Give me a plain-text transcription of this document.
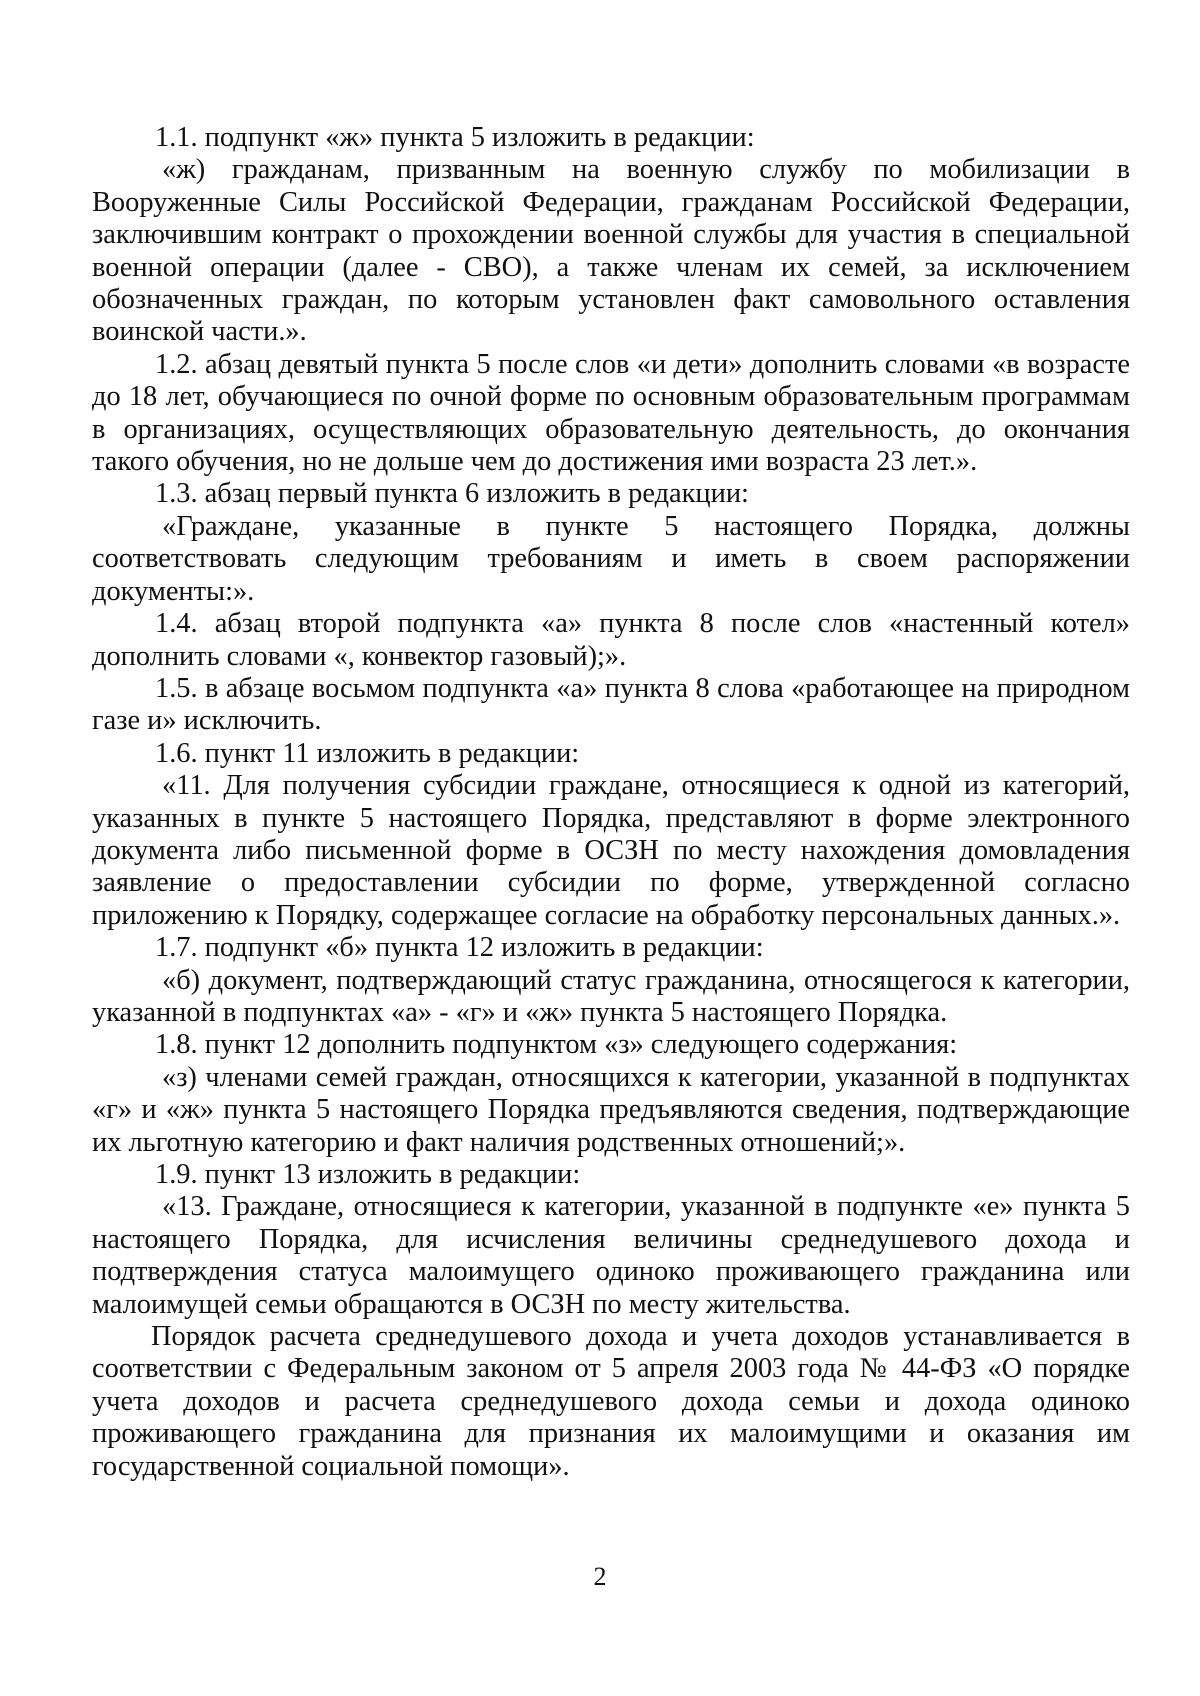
1.1. подпункт «ж» пункта 5 изложить в редакции:

«ж) гражданам, призванным на военную службу по мобилизации в Вооруженные Силы Российской Федерации, гражданам Российской Федерации, заключившим контракт о прохождении военной службы для участия в специальной военной операции (далее - СВО), а также членам их семей, за исключением обозначенных граждан, по которым установлен факт самовольного оставления воинской части.».

1.2. абзац девятый пункта 5 после слов «и дети» дополнить словами «в возрасте до 18 лет, обучающиеся по очной форме по основным образовательным программам в организациях, осуществляющих образовательную деятельность, до окончания такого обучения, но не дольше чем до достижения ими возраста 23 лет.».

1.3. абзац первый пункта 6 изложить в редакции:

«Граждане, указанные в пункте 5 настоящего Порядка, должны соответствовать следующим требованиям и иметь в своем распоряжении документы:».

1.4. абзац второй подпункта «а» пункта 8 после слов «настенный котел» дополнить словами «, конвектор газовый);».

1.5. в абзаце восьмом подпункта «а» пункта 8 слова «работающее на природном газе и» исключить.

1.6. пункт 11 изложить в редакции:

«11. Для получения субсидии граждане, относящиеся к одной из категорий, указанных в пункте 5 настоящего Порядка, представляют в форме электронного документа либо письменной форме в ОСЗН по месту нахождения домовладения заявление о предоставлении субсидии по форме, утвержденной согласно приложению к Порядку, содержащее согласие на обработку персональных данных.».

1.7. подпункт «б» пункта 12 изложить в редакции:

«б) документ, подтверждающий статус гражданина, относящегося к категории, указанной в подпунктах «а» - «г» и «ж» пункта 5 настоящего Порядка.

1.8. пункт 12 дополнить подпунктом «з» следующего содержания:

«з) членами семей граждан, относящихся к категории, указанной в подпунктах «г» и «ж» пункта 5 настоящего Порядка предъявляются сведения, подтверждающие их льготную категорию и факт наличия родственных отношений;».

1.9. пункт 13 изложить в редакции:

«13. Граждане, относящиеся к категории, указанной в подпункте «е» пункта 5 настоящего Порядка, для исчисления величины среднедушевого дохода и подтверждения статуса малоимущего одиноко проживающего гражданина или малоимущей семьи обращаются в ОСЗН по месту жительства.

Порядок расчета среднедушевого дохода и учета доходов устанавливается в соответствии с Федеральным законом от 5 апреля 2003 года № 44-ФЗ «О порядке учета доходов и расчета среднедушевого дохода семьи и дохода одиноко проживающего гражданина для признания их малоимущими и оказания им государственной социальной помощи».

2
